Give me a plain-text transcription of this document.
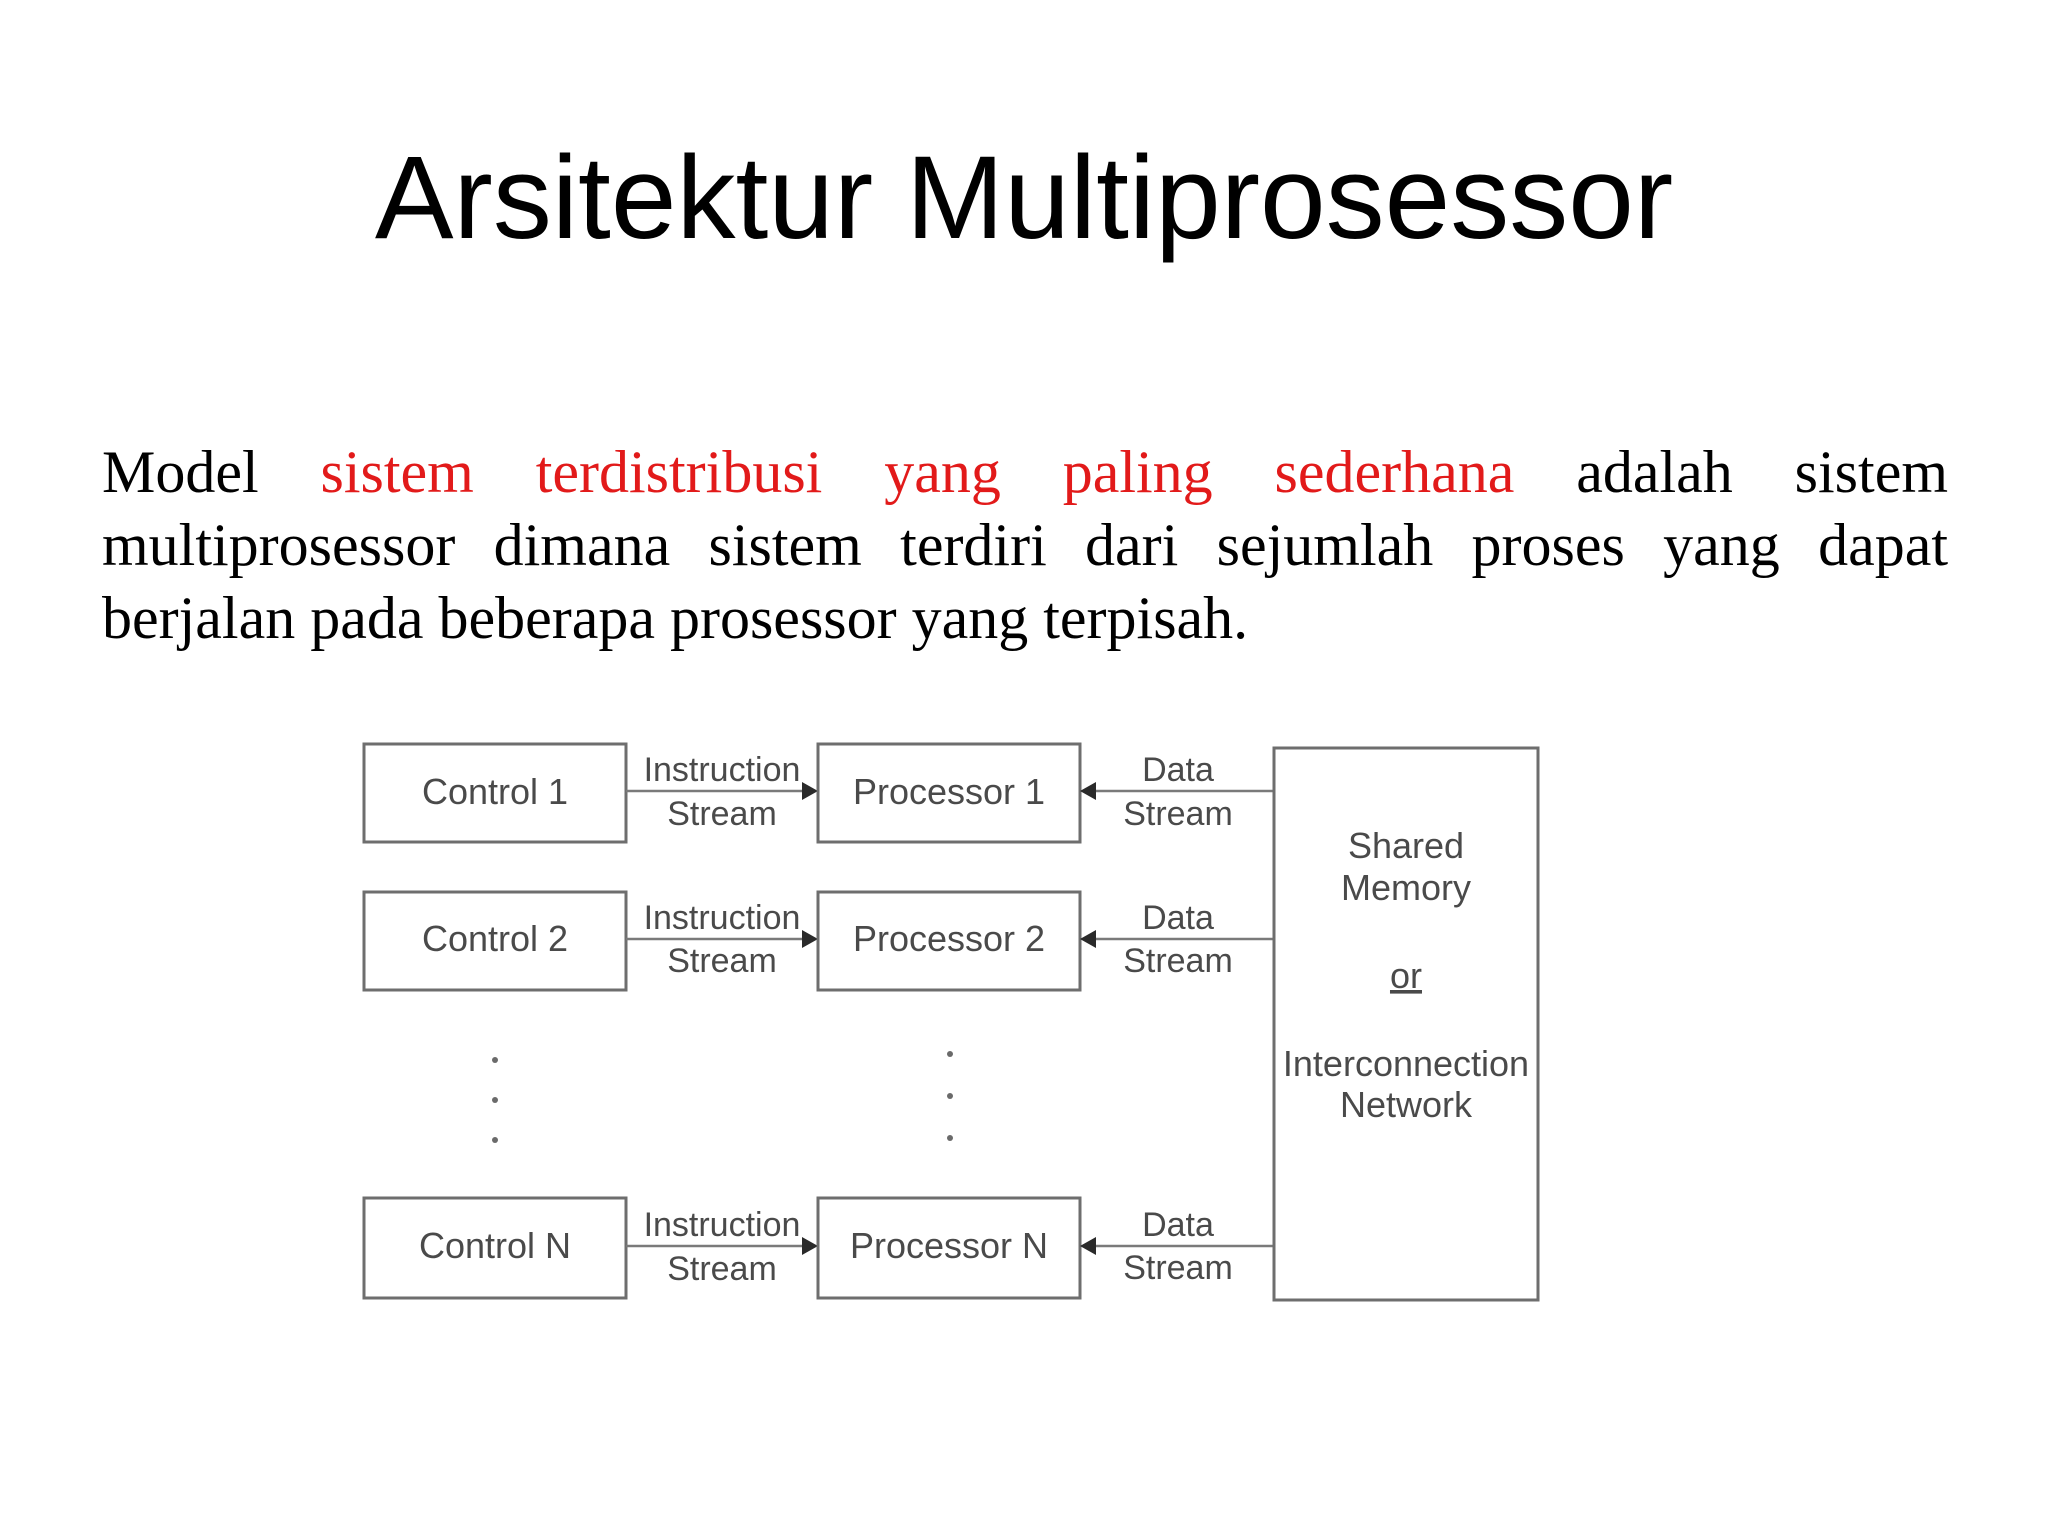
Arsitektur Multiprosessor

Model sistem terdistribusi yang paling sederhana adalah sistem multiprosessor dimana sistem terdiri dari sejumlah proses yang dapat berjalan pada beberapa prosessor yang terpisah.

Control 1
Instruction
Stream
Processor 1
Data
Stream
Control 2 Instruction
Stream
Processor 2	Data
Stream
Control N Instruction
Stream
Processor N	Data
Stream
Shared
Memory
or
Interconnection
Network
